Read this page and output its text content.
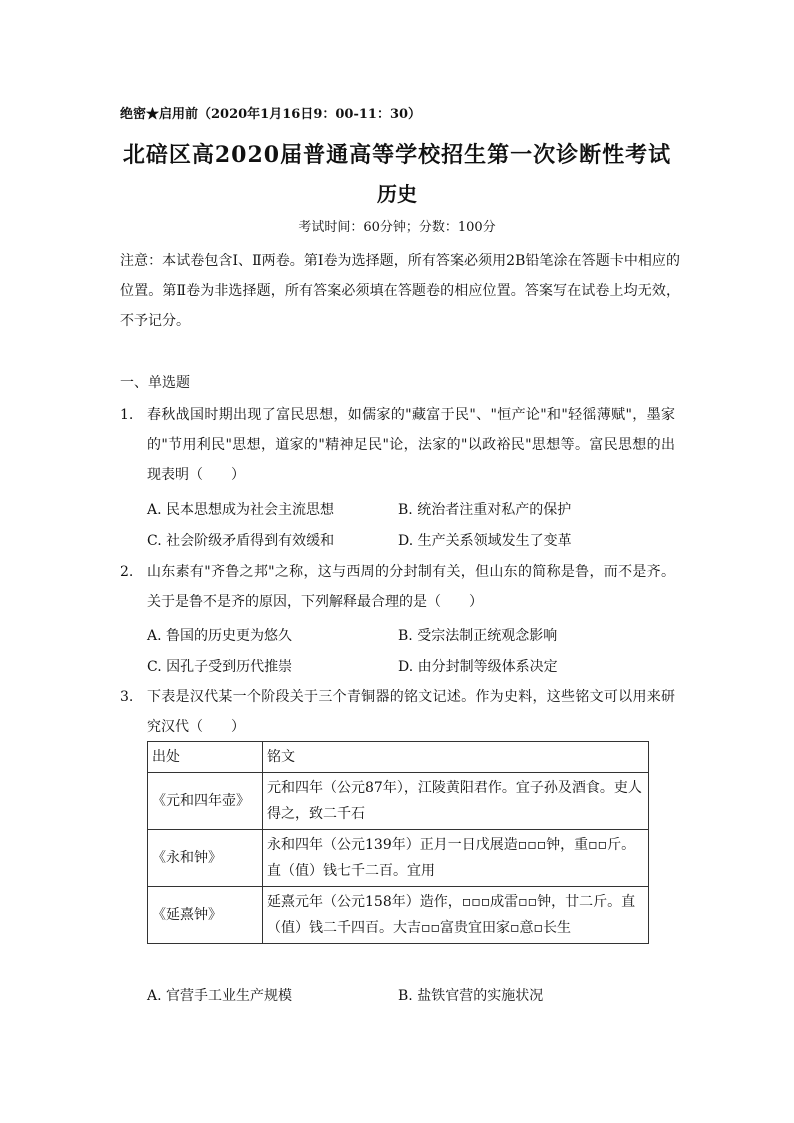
绝密★启用前（2020年1月16日9：00-11：30）
北碚区高2020届普通高等学校招生第一次诊断性考试
历史
考试时间：60分钟；分数：100分
注意：本试卷包含Ⅰ、Ⅱ两卷。第Ⅰ卷为选择题，所有答案必须用2B铅笔涂在答题卡中相应的位置。第Ⅱ卷为非选择题，所有答案必须填在答题卷的相应位置。答案写在试卷上均无效，不予记分。
一、单选题
1. 春秋战国时期出现了富民思想，如儒家的"藏富于民"、"恒产论"和"轻徭薄赋"，墨家的"节用利民"思想，道家的"精神足民"论，法家的"以政裕民"思想等。富民思想的出现表明（　　）
A. 民本思想成为社会主流思想	B. 统治者注重对私产的保护
C. 社会阶级矛盾得到有效缓和	D. 生产关系领域发生了变革
2. 山东素有"齐鲁之邦"之称，这与西周的分封制有关，但山东的简称是鲁，而不是齐。关于是鲁不是齐的原因，下列解释最合理的是（　　）
A. 鲁国的历史更为悠久	B. 受宗法制正统观念影响
C. 因孔子受到历代推崇	D. 由分封制等级体系决定
3. 下表是汉代某一个阶段关于三个青铜器的铭文记述。作为史料，这些铭文可以用来研究汉代（　　）
出处	铭文
《元和四年壶》	元和四年（公元87年），江陵黄阳君作。宜子孙及酒食。吏人得之，致二千石
《永和钟》	永和四年（公元139年）正月一日戊展造▫▫▫钟，重▫▫斤。直（值）钱七千二百。宜用
《延熹钟》	延熹元年（公元158年）造作，▫▫▫成雷▫▫钟，廿二斤。直（值）钱二千四百。大吉▫▫富贵宜田家▫意▫长生
A. 官营手工业生产规模	B. 盐铁官营的实施状况
